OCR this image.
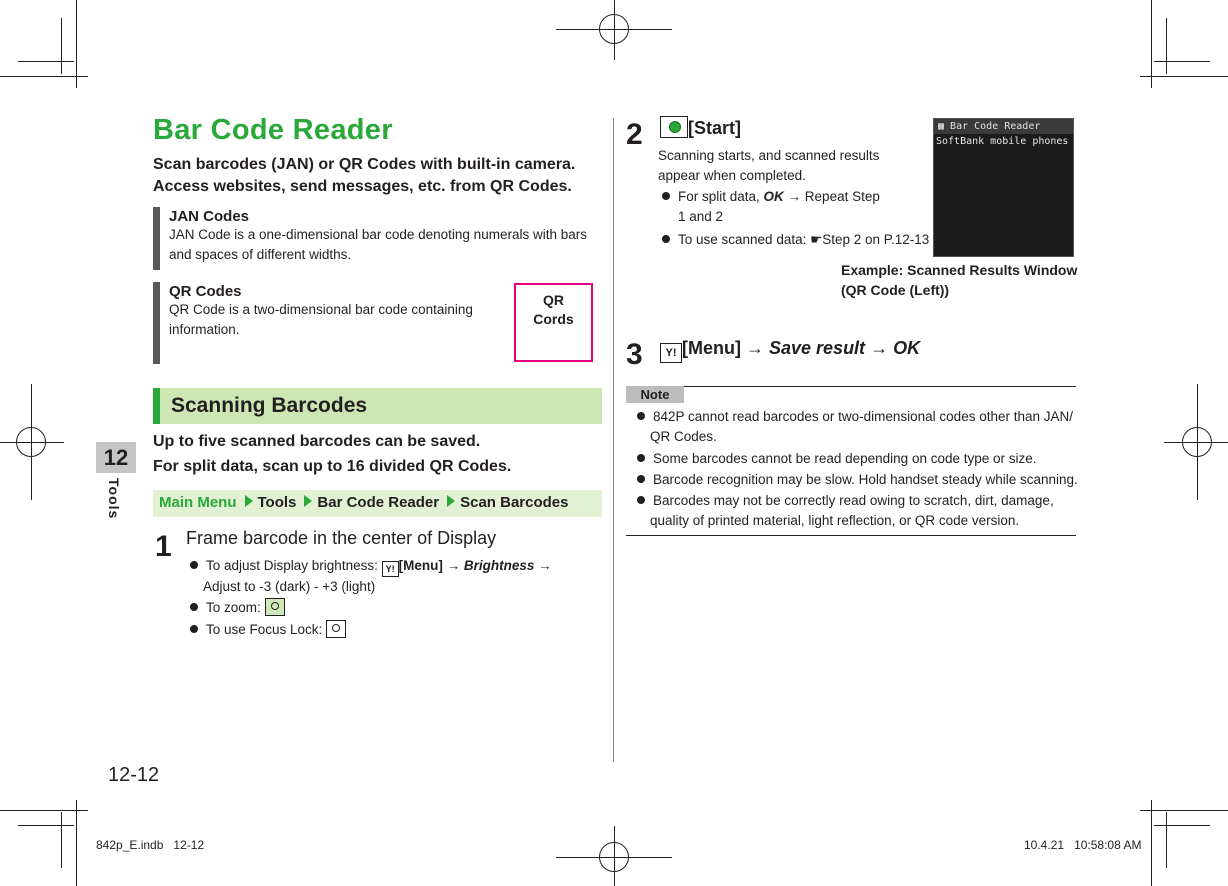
12
Tools
12-12
Bar Code Reader
Scan barcodes (JAN) or QR Codes with built-in camera.
Access websites, send messages, etc. from QR Codes.
JAN Codes
JAN Code is a one-dimensional bar code denoting numerals with bars
and spaces of different widths.
QR Codes
QR Code is a two-dimensional bar code containing
information.
QR
Cords
Scanning Barcodes
Up to five scanned barcodes can be saved.
For split data, scan up to 16 divided QR Codes.
Main Menu Tools Bar Code Reader Scan Barcodes
1 Frame barcode in the center of Display
To adjust Display brightness: Y! [Menu] → Brightness →
Adjust to -3 (dark) - +3 (light)
To zoom:
To use Focus Lock:
2	[Start]
Scanning starts, and scanned results
appear when completed.
For split data, OK → Repeat Step
1 and 2
To use scanned data: ☛Step 2 on P.12-13
▩ Bar Code Reader
SoftBank mobile phones
Example: Scanned Results Window
(QR Code (Left))
3	Y! [Menu] → Save result → OK
Note
842P cannot read barcodes or two-dimensional codes other than JAN/
QR Codes.
Some barcodes cannot be read depending on code type or size.
Barcode recognition may be slow. Hold handset steady while scanning.
Barcodes may not be correctly read owing to scratch, dirt, damage,
quality of printed material, light reflection, or QR code version.
842p_E.indb 12-12	10.4.21 10:58:08 AM
